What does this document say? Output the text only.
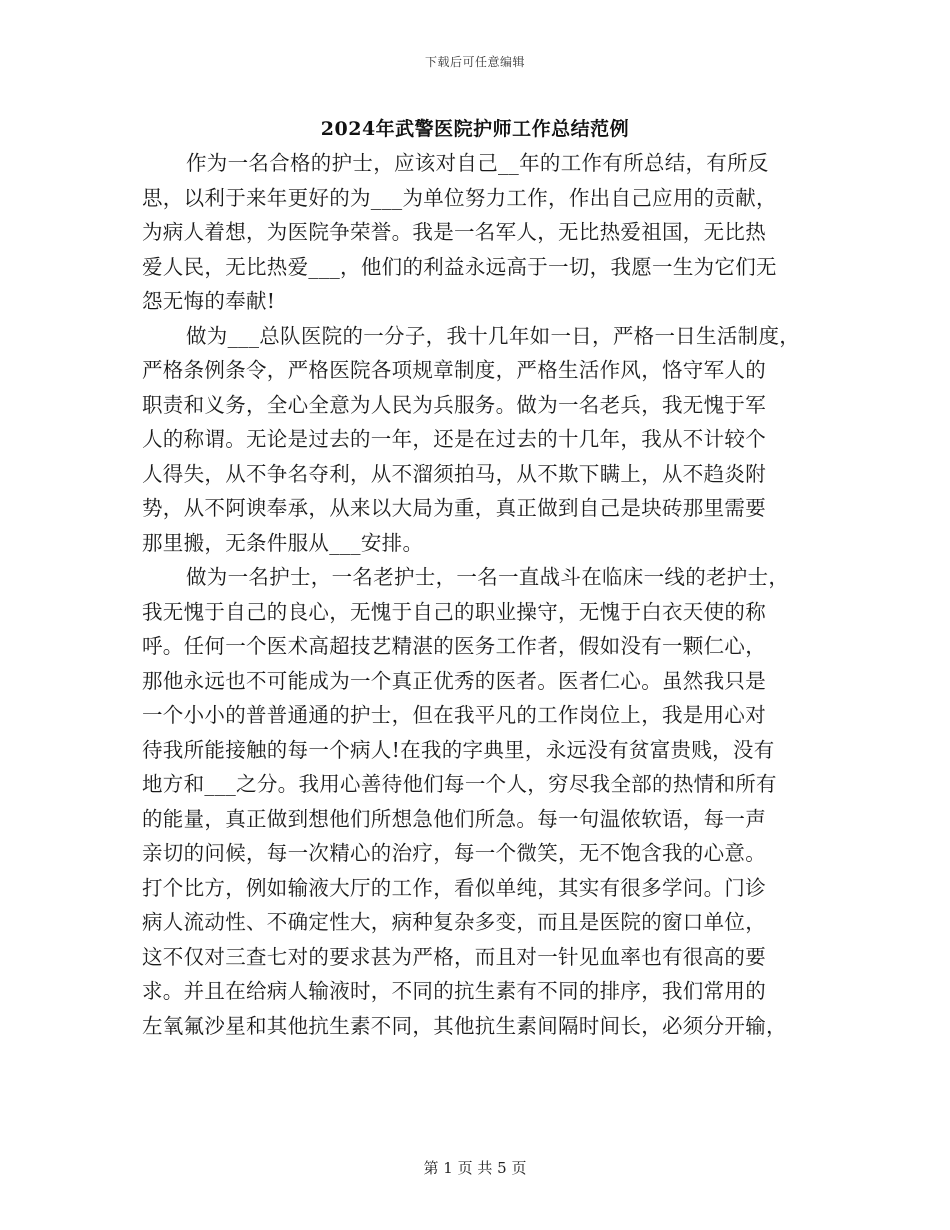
下载后可任意编辑
2024年武警医院护师工作总结范例
作为一名合格的护士，应该对自己__年的工作有所总结，有所反
思，以利于来年更好的为___为单位努力工作，作出自己应用的贡献，
为病人着想，为医院争荣誉。我是一名军人，无比热爱祖国，无比热
爱人民，无比热爱___，他们的利益永远高于一切，我愿一生为它们无
怨无悔的奉献!
做为___总队医院的一分子，我十几年如一日，严格一日生活制度，
严格条例条令，严格医院各项规章制度，严格生活作风，恪守军人的
职责和义务，全心全意为人民为兵服务。做为一名老兵，我无愧于军
人的称谓。无论是过去的一年，还是在过去的十几年，我从不计较个
人得失，从不争名夺利，从不溜须拍马，从不欺下瞒上，从不趋炎附
势，从不阿谀奉承，从来以大局为重，真正做到自己是块砖那里需要
那里搬，无条件服从___安排。
做为一名护士，一名老护士，一名一直战斗在临床一线的老护士，
我无愧于自己的良心，无愧于自己的职业操守，无愧于白衣天使的称
呼。任何一个医术高超技艺精湛的医务工作者，假如没有一颗仁心，
那他永远也不可能成为一个真正优秀的医者。医者仁心。虽然我只是
一个小小的普普通通的护士，但在我平凡的工作岗位上，我是用心对
待我所能接触的每一个病人!在我的字典里，永远没有贫富贵贱，没有
地方和___之分。我用心善待他们每一个人，穷尽我全部的热情和所有
的能量，真正做到想他们所想急他们所急。每一句温侬软语，每一声
亲切的问候，每一次精心的治疗，每一个微笑，无不饱含我的心意。
打个比方，例如输液大厅的工作，看似单纯，其实有很多学问。门诊
病人流动性、不确定性大，病种复杂多变，而且是医院的窗口单位，
这不仅对三查七对的要求甚为严格，而且对一针见血率也有很高的要
求。并且在给病人输液时，不同的抗生素有不同的排序，我们常用的
左氧氟沙星和其他抗生素不同，其他抗生素间隔时间长，必须分开输，
第 1 页 共 5 页
